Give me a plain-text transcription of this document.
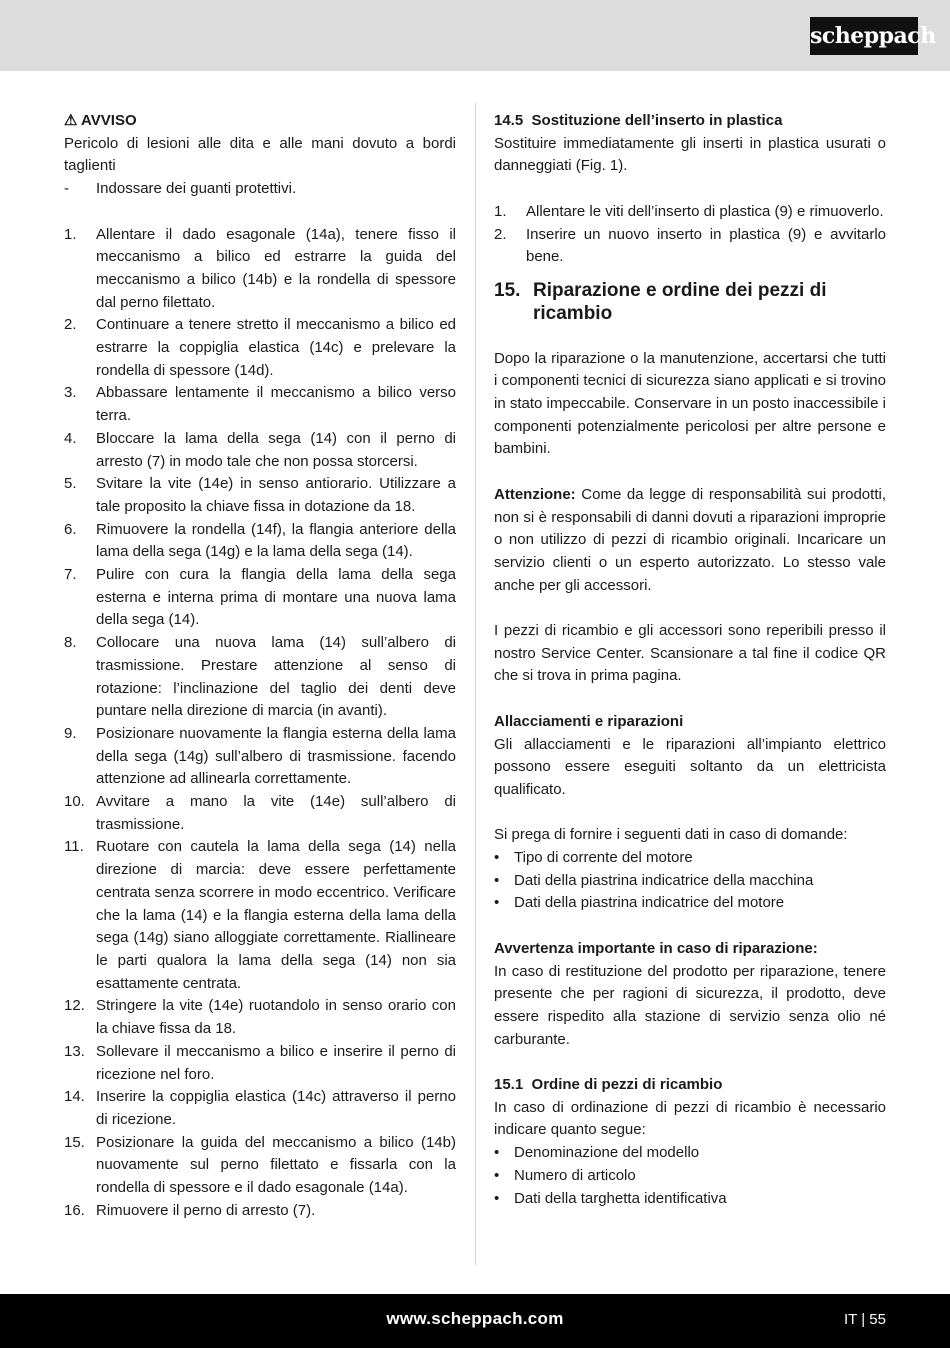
scheppach

⚠ AVVISO

Pericolo di lesioni alle dita e alle mani dovuto a bordi taglienti

- Indossare dei guanti protettivi.
1. Allentare il dado esagonale (14a), tenere fisso il meccanismo a bilico ed estrarre la guida del meccanismo a bilico (14b) e la rondella di spessore dal perno filettato.
2. Continuare a tenere stretto il meccanismo a bilico ed estrarre la coppiglia elastica (14c) e prelevare la rondella di spessore (14d).
3. Abbassare lentamente il meccanismo a bilico verso terra.
4. Bloccare la lama della sega (14) con il perno di arresto (7) in modo tale che non possa storcersi.
5. Svitare la vite (14e) in senso antiorario. Utilizzare a tale proposito la chiave fissa in dotazione da 18.
6. Rimuovere la rondella (14f), la flangia anteriore della lama della sega (14g) e la lama della sega (14).
7. Pulire con cura la flangia della lama della sega esterna e interna prima di montare una nuova lama della sega (14).
8. Collocare una nuova lama (14) sull’albero di trasmissione. Prestare attenzione al senso di rotazione: l’inclinazione del taglio dei denti deve puntare nella direzione di marcia (in avanti).
9. Posizionare nuovamente la flangia esterna della lama della sega (14g) sull’albero di trasmissione. facendo attenzione ad allinearla correttamente.
10. Avvitare a mano la vite (14e) sull’albero di trasmissione.
11. Ruotare con cautela la lama della sega (14) nella direzione di marcia: deve essere perfettamente centrata senza scorrere in modo eccentrico. Verificare che la lama (14) e la flangia esterna della lama della sega (14g) siano alloggiate correttamente. Riallineare le parti qualora la lama della sega (14) non sia esattamente centrata.
12. Stringere la vite (14e) ruotandolo in senso orario con la chiave fissa da 18.
13. Sollevare il meccanismo a bilico e inserire il perno di ricezione nel foro.
14. Inserire la coppiglia elastica (14c) attraverso il perno di ricezione.
15. Posizionare la guida del meccanismo a bilico (14b) nuovamente sul perno filettato e fissarla con la rondella di spessore e il dado esagonale (14a).
16. Rimuovere il perno di arresto (7).

14.5  Sostituzione dell’inserto in plastica

Sostituire immediatamente gli inserti in plastica usurati o danneggiati (Fig. 1).

1. Allentare le viti dell’inserto di plastica (9) e rimuoverlo.
2. Inserire un nuovo inserto in plastica (9) e avvitarlo bene.
15. Riparazione e ordine dei pezzi di ricambio

Dopo la riparazione o la manutenzione, accertarsi che tutti i componenti tecnici di sicurezza siano applicati e si trovino in stato impeccabile. Conservare in un posto inaccessibile i componenti potenzialmente pericolosi per altre persone e bambini.

Attenzione: Come da legge di responsabilità sui prodotti, non si è responsabili di danni dovuti a riparazioni improprie o non utilizzo di pezzi di ricambio originali. Incaricare un servizio clienti o un esperto autorizzato. Lo stesso vale anche per gli accessori.

I pezzi di ricambio e gli accessori sono reperibili presso il nostro Service Center. Scansionare a tal fine il codice QR che si trova in prima pagina.

Allacciamenti e riparazioni

Gli allacciamenti e le riparazioni all’impianto elettrico possono essere eseguiti soltanto da un elettricista qualificato.

Si prega di fornire i seguenti dati in caso di domande:

• Tipo di corrente del motore
• Dati della piastrina indicatrice della macchina
• Dati della piastrina indicatrice del motore

Avvertenza importante in caso di riparazione:

In caso di restituzione del prodotto per riparazione, tenere presente che per ragioni di sicurezza, il prodotto, deve essere rispedito alla stazione di servizio senza olio né carburante.

15.1  Ordine di pezzi di ricambio

In caso di ordinazione di pezzi di ricambio è necessario indicare quanto segue:

• Denominazione del modello
• Numero di articolo
• Dati della targhetta identificativa
www.scheppach.com	IT | 55
